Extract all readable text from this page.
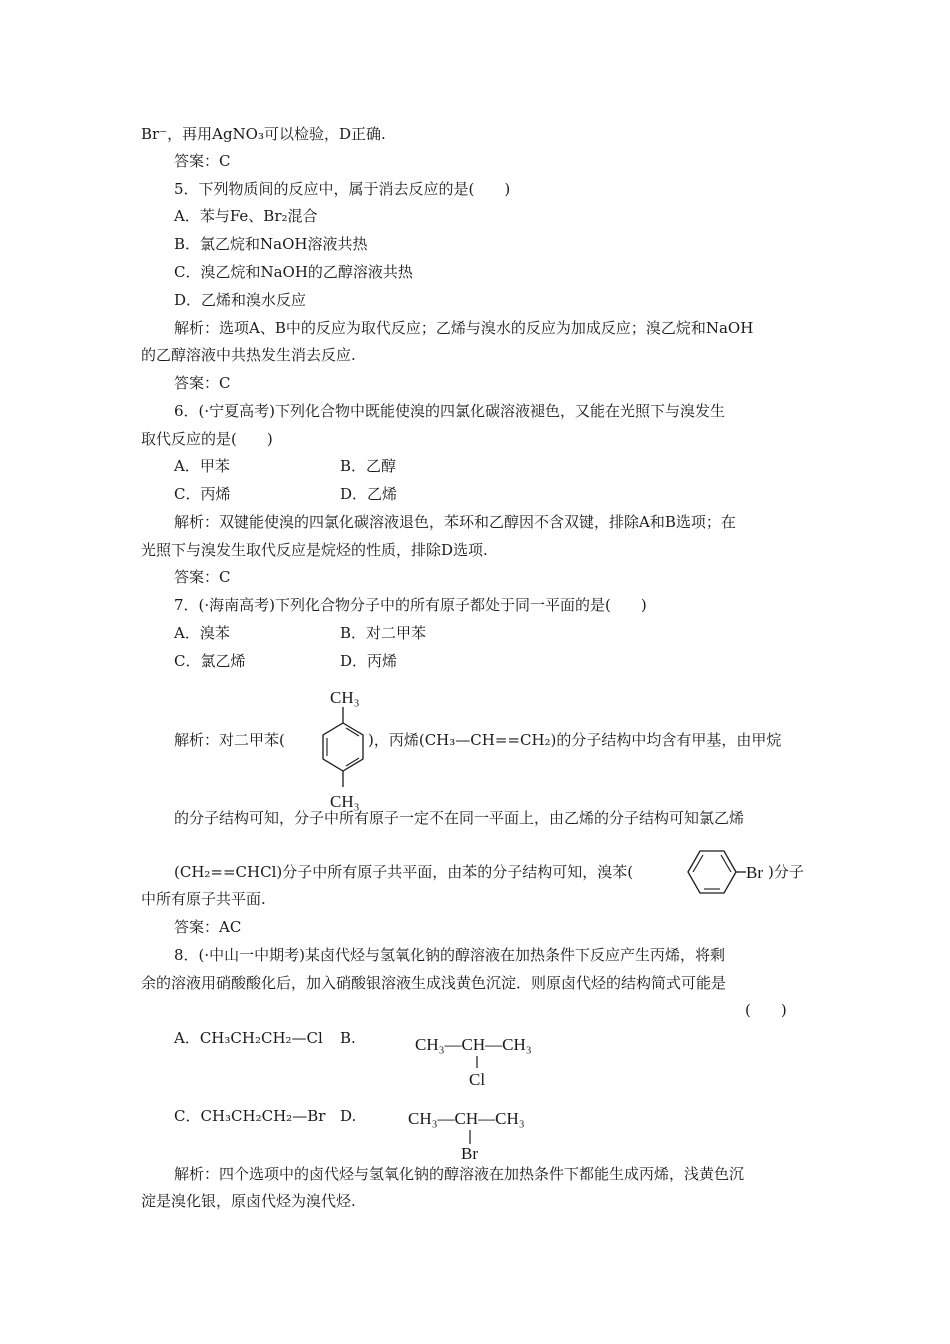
Br⁻，再用AgNO₃可以检验，D正确.
答案：C
5．下列物质间的反应中，属于消去反应的是(　　)
A．苯与Fe、Br₂混合
B．氯乙烷和NaOH溶液共热
C．溴乙烷和NaOH的乙醇溶液共热
D．乙烯和溴水反应
解析：选项A、B中的反应为取代反应；乙烯与溴水的反应为加成反应；溴乙烷和NaOH
的乙醇溶液中共热发生消去反应.
答案：C
6．(·宁夏高考)下列化合物中既能使溴的四氯化碳溶液褪色，又能在光照下与溴发生
取代反应的是(　　)
A．甲苯	B．乙醇
C．丙烯	D．乙烯
解析：双键能使溴的四氯化碳溶液退色，苯环和乙醇因不含双键，排除A和B选项；在
光照下与溴发生取代反应是烷烃的性质，排除D选项.
答案：C
7．(·海南高考)下列化合物分子中的所有原子都处于同一平面的是(　　)
A．溴苯	B．对二甲苯
C．氯乙烯	D．丙烯
CH₃
CH₃
解析：对二甲苯(	)，丙烯(CH₃—CH==CH₂)的分子结构中均含有甲基，由甲烷
的分子结构可知，分子中所有原子一定不在同一平面上，由乙烯的分子结构可知氯乙烯
(CH₂==CHCl)分子中所有原子共平面，由苯的分子结构可知，溴苯(	Br )分子
中所有原子共平面.
答案：AC
8．(·中山一中期考)某卤代烃与氢氧化钠的醇溶液在加热条件下反应产生丙烯，将剩
余的溶液用硝酸酸化后，加入硝酸银溶液生成浅黄色沉淀．则原卤代烃的结构简式可能是
(　　)
A．CH₃CH₂CH₂—Cl B.	CH₃—CH—CH₃
Cl
C．CH₃CH₂CH₂—Br D.	CH₃—CH—CH₃
Br
解析：四个选项中的卤代烃与氢氧化钠的醇溶液在加热条件下都能生成丙烯，浅黄色沉
淀是溴化银，原卤代烃为溴代烃.
